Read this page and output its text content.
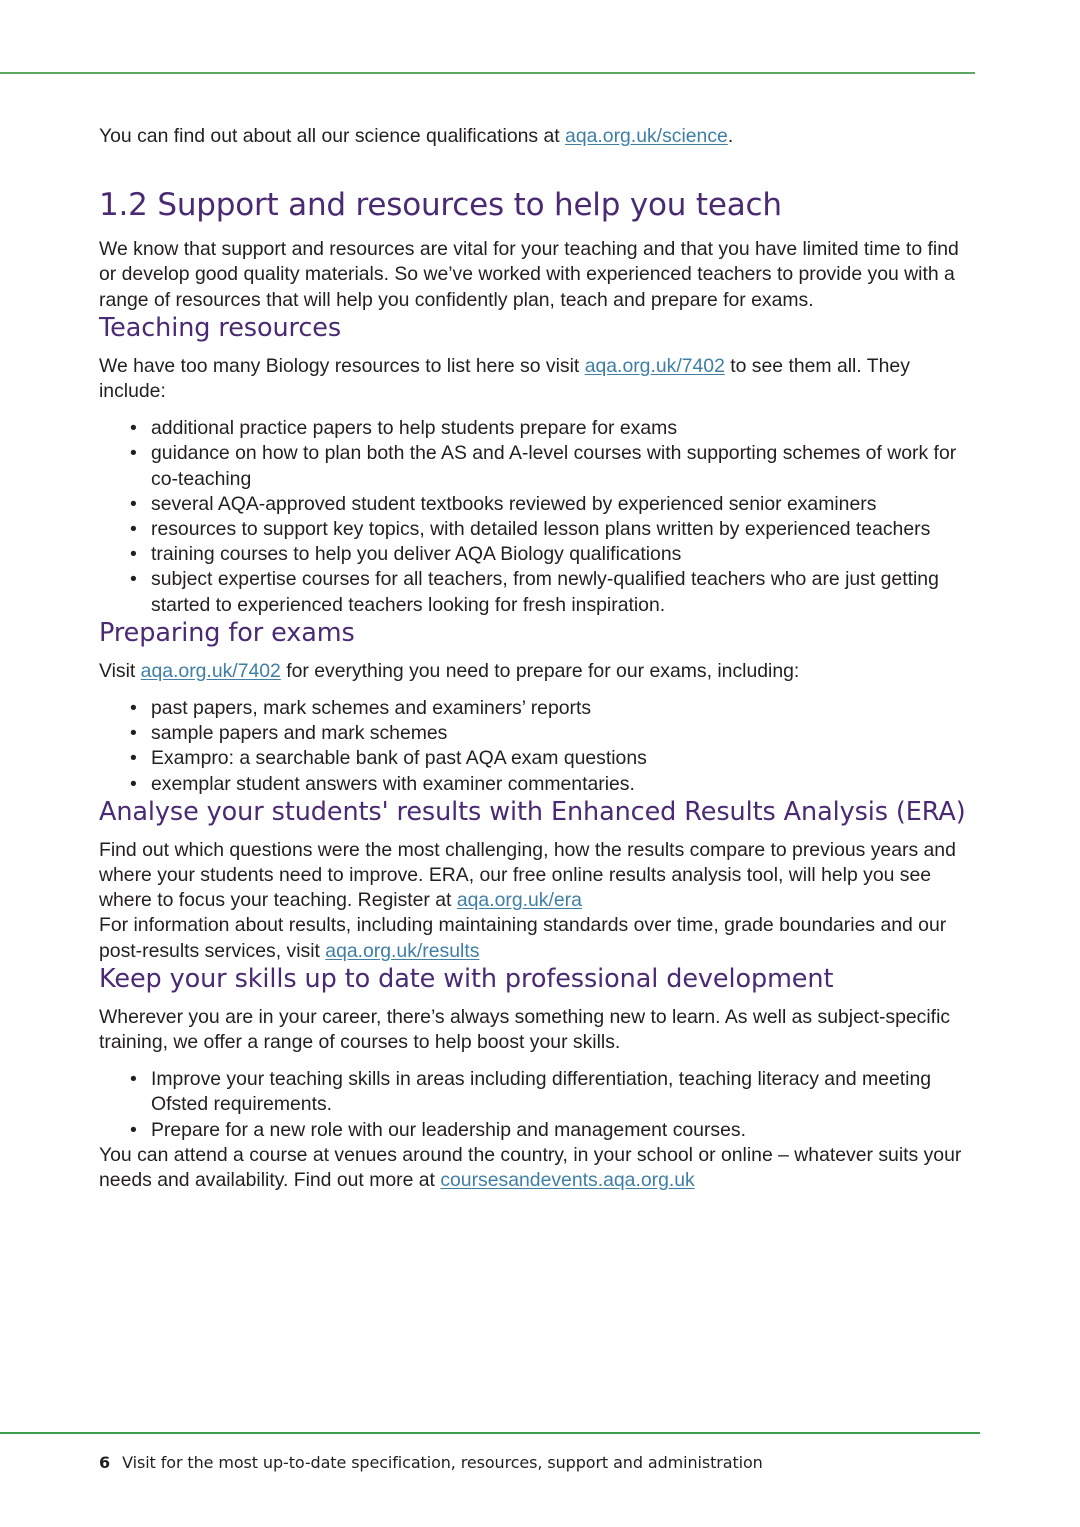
You can find out about all our science qualifications at aqa.org.uk/science.

1.2 Support and resources to help you teach

We know that support and resources are vital for your teaching and that you have limited time to find or develop good quality materials. So we’ve worked with experienced teachers to provide you with a range of resources that will help you confidently plan, teach and prepare for exams.

Teaching resources

We have too many Biology resources to list here so visit aqa.org.uk/7402 to see them all. They include:

• additional practice papers to help students prepare for exams
• guidance on how to plan both the AS and A-level courses with supporting schemes of work for co-teaching
• several AQA-approved student textbooks reviewed by experienced senior examiners
• resources to support key topics, with detailed lesson plans written by experienced teachers
• training courses to help you deliver AQA Biology qualifications
• subject expertise courses for all teachers, from newly-qualified teachers who are just getting started to experienced teachers looking for fresh inspiration.
Preparing for exams

Visit aqa.org.uk/7402 for everything you need to prepare for our exams, including:

• past papers, mark schemes and examiners’ reports
• sample papers and mark schemes
• Exampro: a searchable bank of past AQA exam questions
• exemplar student answers with examiner commentaries.
Analyse your students' results with Enhanced Results Analysis (ERA)

Find out which questions were the most challenging, how the results compare to previous years and where your students need to improve. ERA, our free online results analysis tool, will help you see where to focus your teaching. Register at aqa.org.uk/era

For information about results, including maintaining standards over time, grade boundaries and our post-results services, visit aqa.org.uk/results

Keep your skills up to date with professional development

Wherever you are in your career, there’s always something new to learn. As well as subject-specific training, we offer a range of courses to help boost your skills.

• Improve your teaching skills in areas including differentiation, teaching literacy and meeting Ofsted requirements.
• Prepare for a new role with our leadership and management courses.

You can attend a course at venues around the country, in your school or online – whatever suits your needs and availability. Find out more at coursesandevents.aqa.org.uk

6 Visit for the most up-to-date specification, resources, support and administration
